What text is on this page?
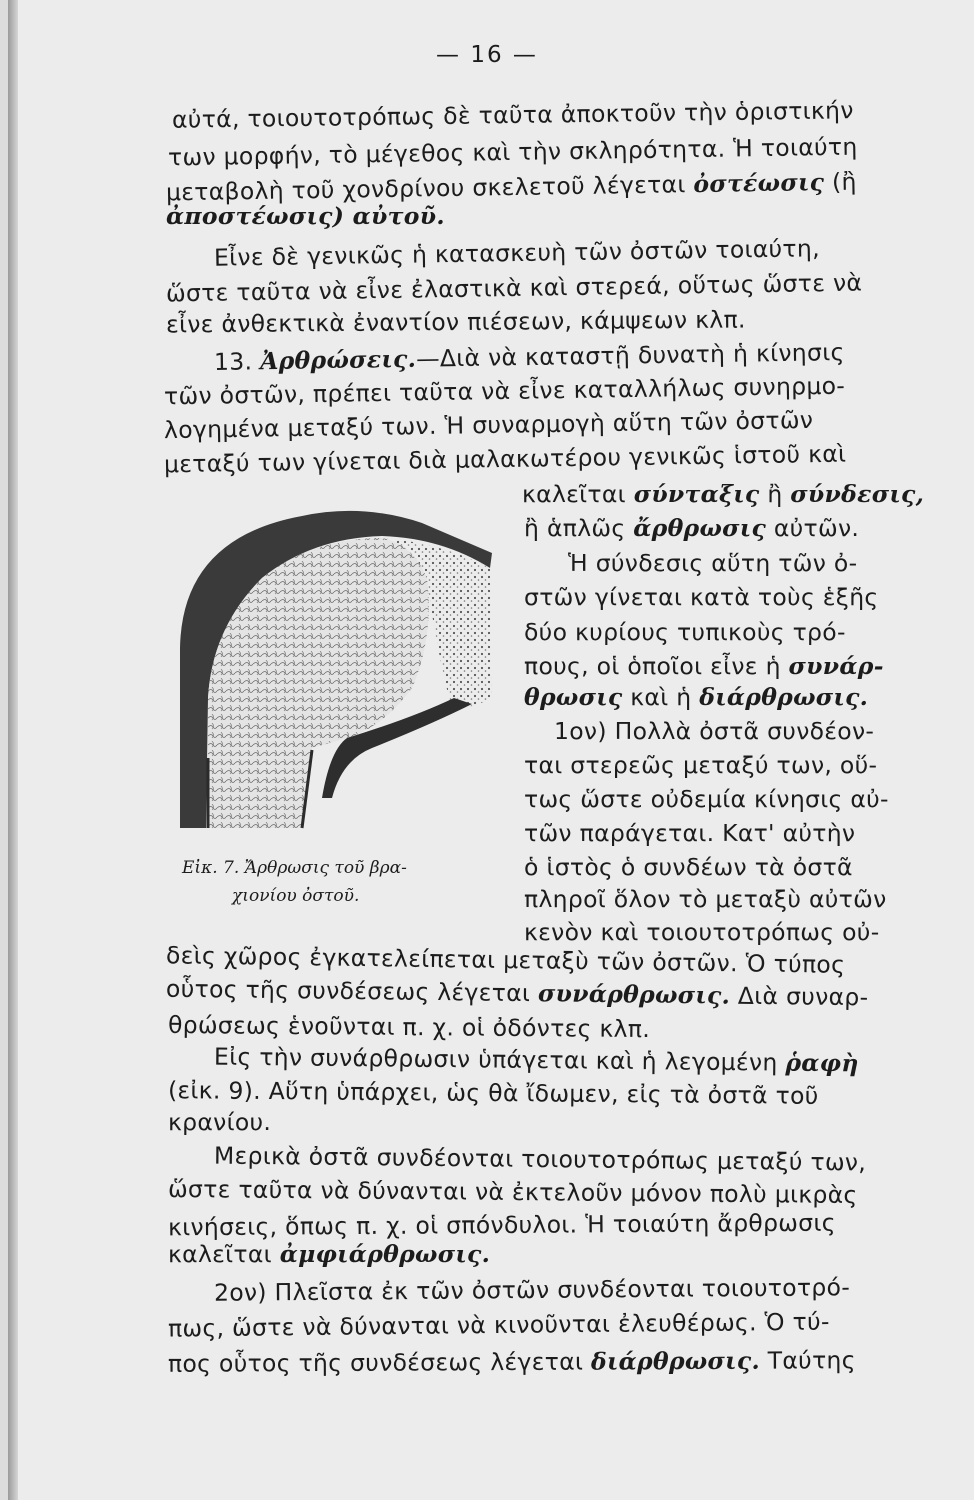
— 16 —

αὐτά, τοιουτοτρόπως δὲ ταῦτα ἀποκτοῦν τὴν ὁριστικήν

των μορφήν, τὸ μέγεθος καὶ τὴν σκληρότητα. Ἡ τοιαύτη

μεταβολὴ τοῦ χονδρίνου σκελετοῦ λέγεται ὀστέωσις (ἢ

ἀποστέωσις) αὐτοῦ.

Εἶνε δὲ γενικῶς ἡ κατασκευὴ τῶν ὀστῶν τοιαύτη,

ὥστε ταῦτα νὰ εἶνε ἐλαστικὰ καὶ στερεά, οὕτως ὥστε νὰ

εἶνε ἀνθεκτικὰ ἐναντίον πιέσεων, κάμψεων κλπ.

13. Ἀρθρώσεις.—Διὰ νὰ καταστῇ δυνατὴ ἡ κίνησις

τῶν ὀστῶν, πρέπει ταῦτα νὰ εἶνε καταλλήλως συνηρμο-

λογημένα μεταξύ των. Ἡ συναρμογὴ αὕτη τῶν ὀστῶν

μεταξύ των γίνεται διὰ μαλακωτέρου γενικῶς ἱστοῦ καὶ

Εἰκ. 7. Ἄρθρωσις τοῦ βρα-
χιονίου ὀστοῦ.

καλεῖται σύνταξις ἢ σύνδεσις,

ἢ ἁπλῶς ἄρθρωσις αὐτῶν.

Ἡ σύνδεσις αὕτη τῶν ὀ-

στῶν γίνεται κατὰ τοὺς ἑξῆς

δύο κυρίους τυπικοὺς τρό-

πους, οἱ ὁποῖοι εἶνε ἡ συνάρ-

θρωσις καὶ ἡ διάρθρωσις.

1ον) Πολλὰ ὀστᾶ συνδέον-

ται στερεῶς μεταξύ των, οὕ-

τως ὥστε οὐδεμία κίνησις αὐ-

τῶν παράγεται. Κατ' αὐτὴν

ὁ ἱστὸς ὁ συνδέων τὰ ὀστᾶ

πληροῖ ὅλον τὸ μεταξὺ αὐτῶν

κενὸν καὶ τοιουτοτρόπως οὐ-

δεὶς χῶρος ἐγκατελείπεται μεταξὺ τῶν ὀστῶν. Ὁ τύπος

οὗτος τῆς συνδέσεως λέγεται συνάρθρωσις. Διὰ συναρ-

θρώσεως ἑνοῦνται π. χ. οἱ ὀδόντες κλπ.

Εἰς τὴν συνάρθρωσιν ὑπάγεται καὶ ἡ λεγομένη ῥαφὴ

(εἰκ. 9). Αὕτη ὑπάρχει, ὡς θὰ ἴδωμεν, εἰς τὰ ὀστᾶ τοῦ

κρανίου.

Μερικὰ ὀστᾶ συνδέονται τοιουτοτρόπως μεταξύ των,

ὥστε ταῦτα νὰ δύνανται νὰ ἐκτελοῦν μόνον πολὺ μικρὰς

κινήσεις, ὅπως π. χ. οἱ σπόνδυλοι. Ἡ τοιαύτη ἄρθρωσις

καλεῖται ἀμφιάρθρωσις.

2ον) Πλεῖστα ἐκ τῶν ὀστῶν συνδέονται τοιουτοτρό-

πως, ὥστε νὰ δύνανται νὰ κινοῦνται ἐλευθέρως. Ὁ τύ-

πος οὗτος τῆς συνδέσεως λέγεται διάρθρωσις. Ταύτης
